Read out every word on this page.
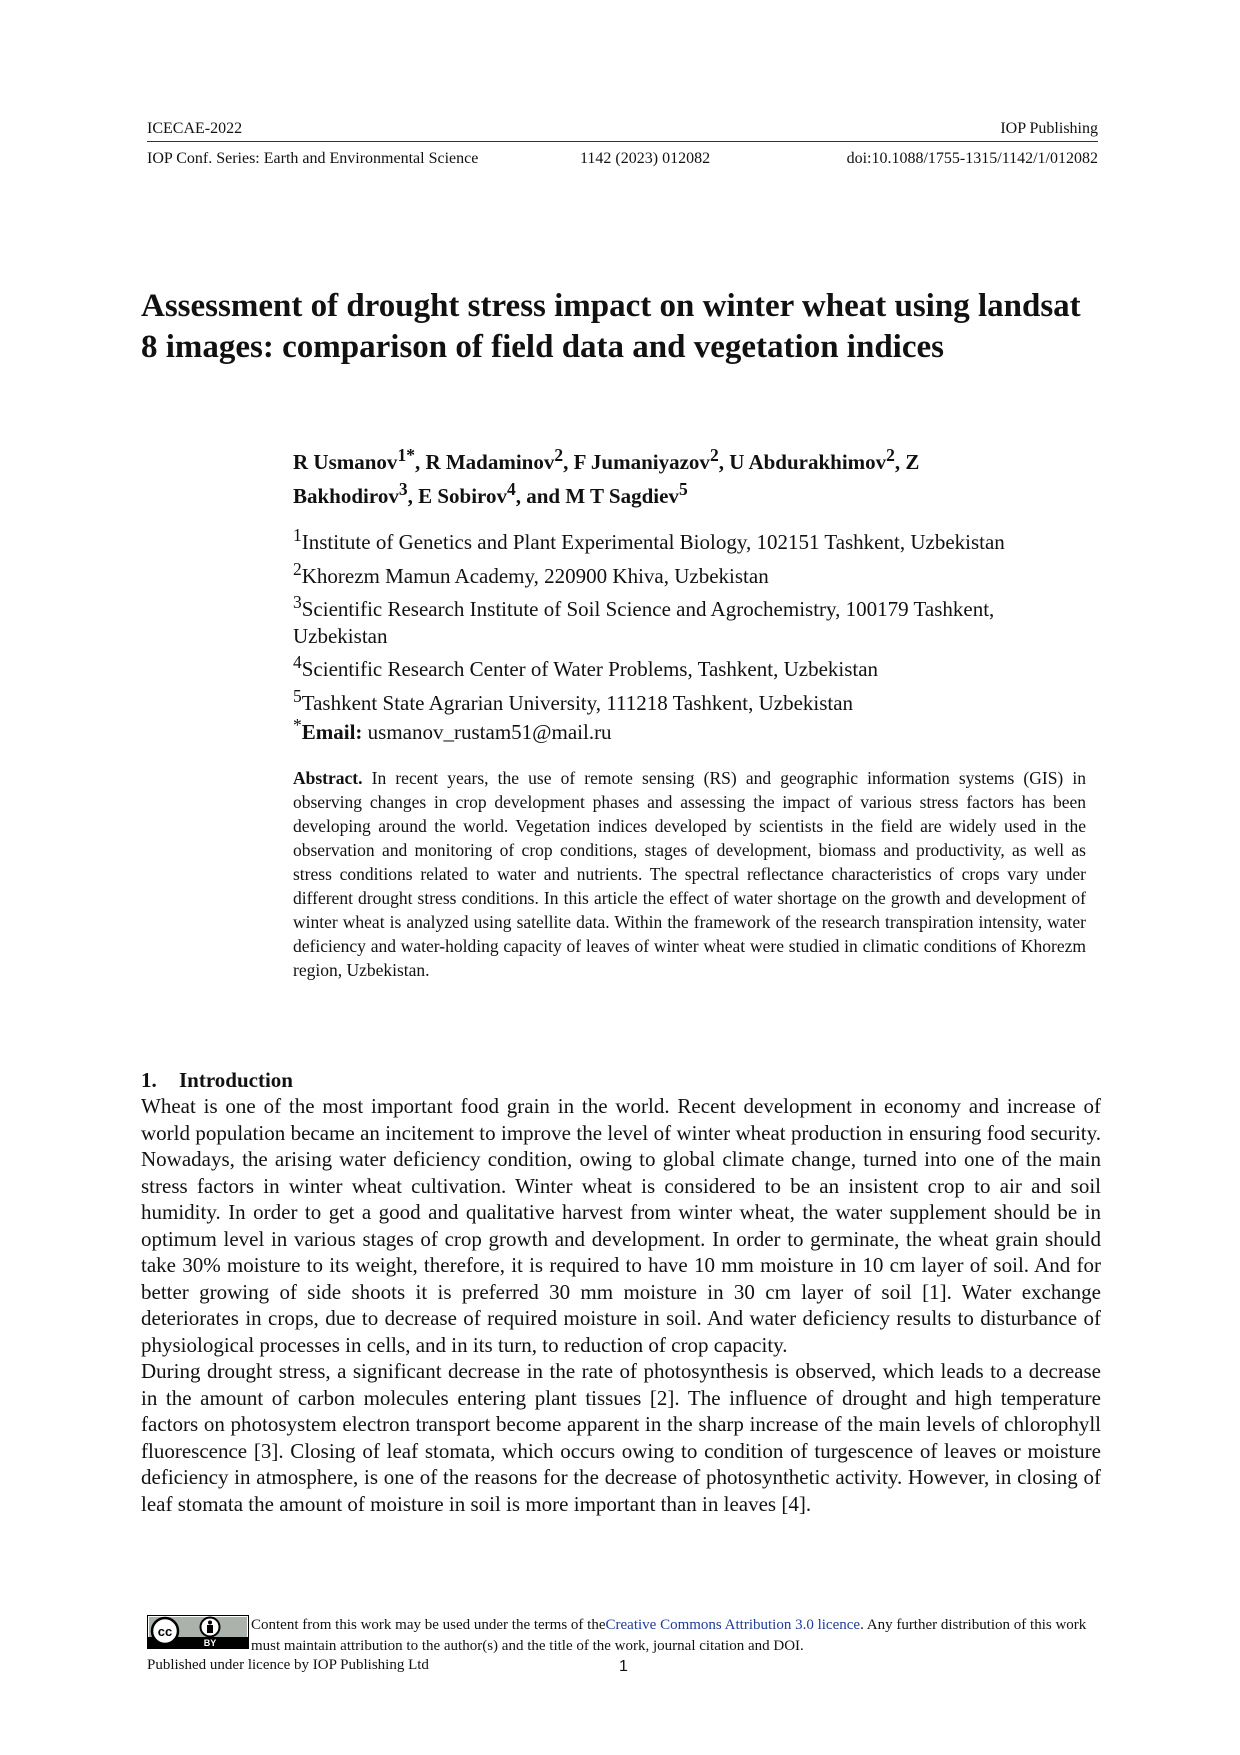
ICECAE-2022	IOP Publishing
IOP Conf. Series: Earth and Environmental Science	1142 (2023) 012082	doi:10.1088/1755-1315/1142/1/012082
Assessment of drought stress impact on winter wheat using landsat 8 images: comparison of field data and vegetation indices

R Usmanov$^{1*}$, R Madaminov$^2$, F Jumaniyazov$^2$, U Abdurakhimov$^2$, Z Bakhodirov$^3$, E Sobirov$^4$, and M T Sagdiev$^5$

$^1$Institute of Genetics and Plant Experimental Biology, 102151 Tashkent, Uzbekistan
$^2$Khorezm Mamun Academy, 220900 Khiva, Uzbekistan
$^3$Scientific Research Institute of Soil Science and Agrochemistry, 100179 Tashkent, Uzbekistan
$^4$Scientific Research Center of Water Problems, Tashkent, Uzbekistan
$^5$Tashkent State Agrarian University, 111218 Tashkent, Uzbekistan

*Email: usmanov_rustam51@mail.ru

Abstract. In recent years, the use of remote sensing (RS) and geographic information systems (GIS) in observing changes in crop development phases and assessing the impact of various stress factors has been developing around the world. Vegetation indices developed by scientists in the field are widely used in the observation and monitoring of crop conditions, stages of development, biomass and productivity, as well as stress conditions related to water and nutrients. The spectral reflectance characteristics of crops vary under different drought stress conditions. In this article the effect of water shortage on the growth and development of winter wheat is analyzed using satellite data. Within the framework of the research transpiration intensity, water deficiency and water-holding capacity of leaves of winter wheat were studied in climatic conditions of Khorezm region, Uzbekistan.

1. Introduction

Wheat is one of the most important food grain in the world. Recent development in economy and increase of world population became an incitement to improve the level of winter wheat production in ensuring food security. Nowadays, the arising water deficiency condition, owing to global climate change, turned into one of the main stress factors in winter wheat cultivation. Winter wheat is considered to be an insistent crop to air and soil humidity. In order to get a good and qualitative harvest from winter wheat, the water supplement should be in optimum level in various stages of crop growth and development. In order to germinate, the wheat grain should take 30% moisture to its weight, therefore, it is required to have 10 mm moisture in 10 cm layer of soil. And for better growing of side shoots it is preferred 30 mm moisture in 30 cm layer of soil [1]. Water exchange deteriorates in crops, due to decrease of required moisture in soil. And water deficiency results to disturbance of physiological processes in cells, and in its turn, to reduction of crop capacity.

During drought stress, a significant decrease in the rate of photosynthesis is observed, which leads to a decrease in the amount of carbon molecules entering plant tissues [2]. The influence of drought and high temperature factors on photosystem electron transport become apparent in the sharp increase of the main levels of chlorophyll fluorescence [3]. Closing of leaf stomata, which occurs owing to condition of turgescence of leaves or moisture deficiency in atmosphere, is one of the reasons for the decrease of photosynthetic activity. However, in closing of leaf stomata the amount of moisture in soil is more important than in leaves [4].

cc
BY

Content from this work may be used under the terms of theCreative Commons Attribution 3.0 licence. Any further distribution of this work must maintain attribution to the author(s) and the title of the work, journal citation and DOI.

Published under licence by IOP Publishing Ltd	1
